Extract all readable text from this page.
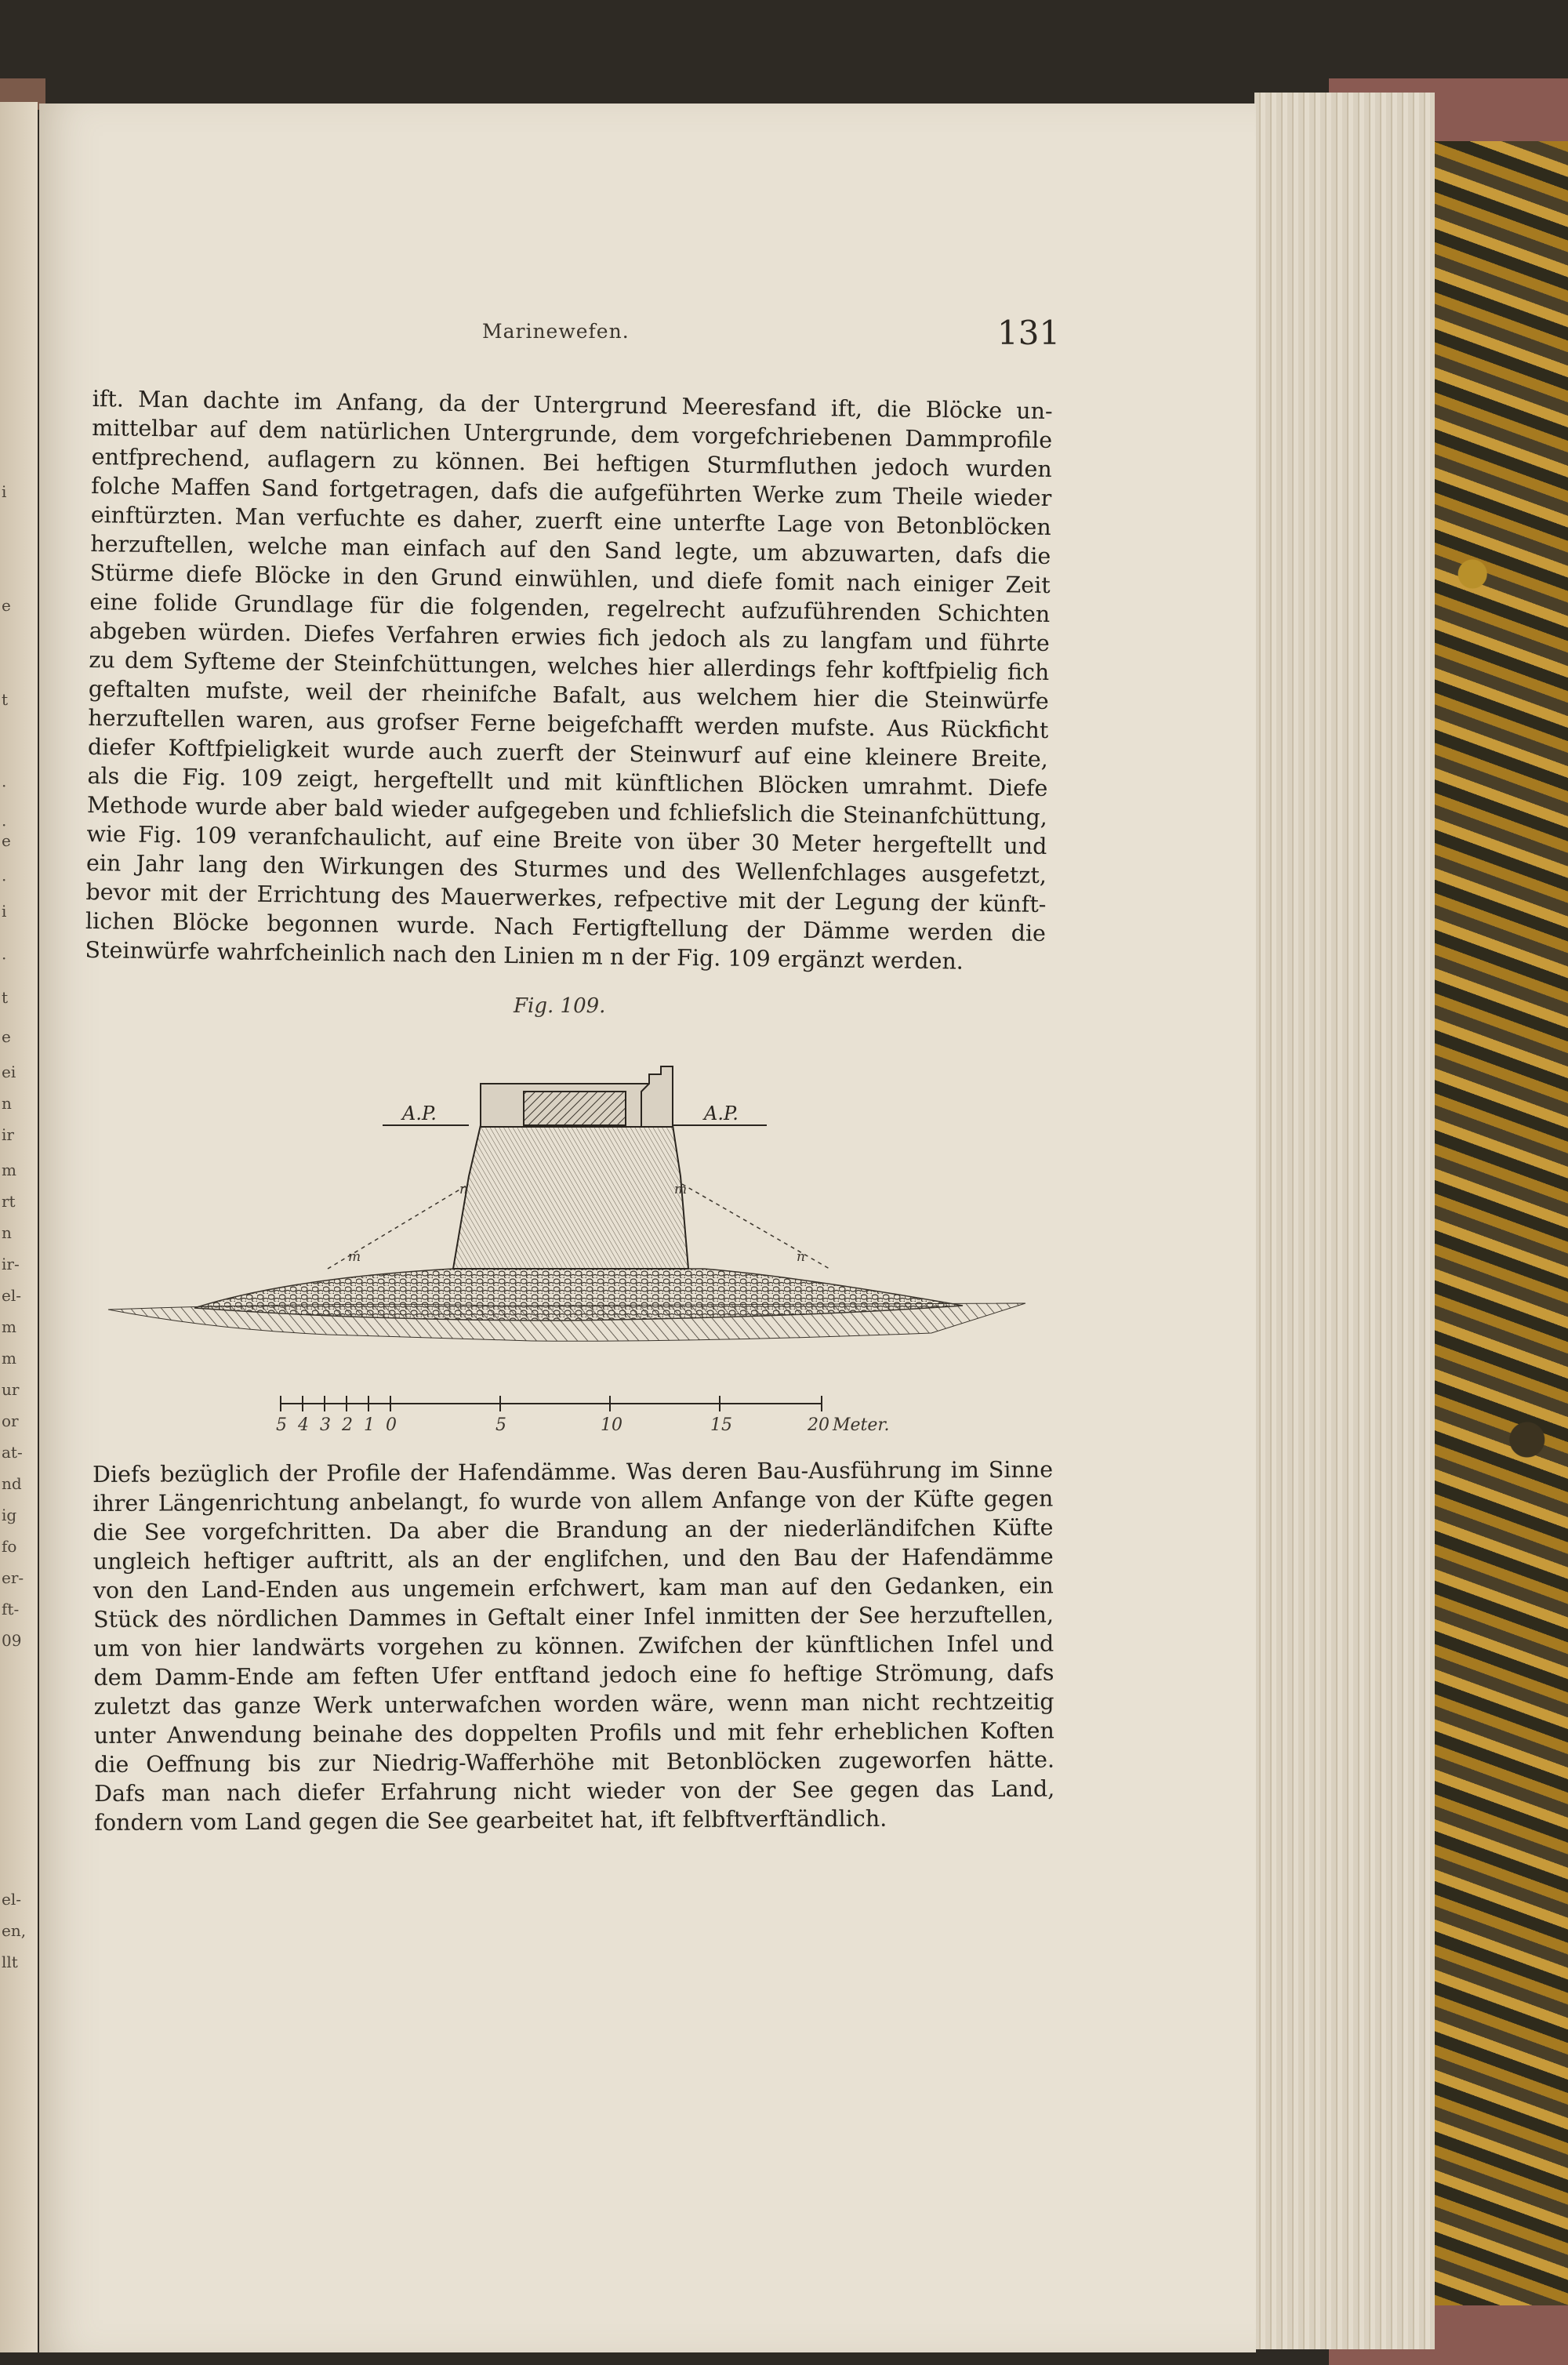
i
e
t
·
·
e
·
i
·
t
e
ei
n
ir
m
rt
n
ir-
el-
m
m
ur
or
at-
nd
ig
fo
er-
ft-
09
el-
en,
llt
Marinewefen.	131
ift. Man dachte im Anfang, da der Untergrund Meeresfand ift, die Blöcke un-
mittelbar auf dem natürlichen Untergrunde, dem vorgefchriebenen Dammprofile
entfprechend, auflagern zu können. Bei heftigen Sturmfluthen jedoch wurden
folche Maffen Sand fortgetragen, dafs die aufgeführten Werke zum Theile wieder
einftürzten. Man verfuchte es daher, zuerft eine unterfte Lage von Betonblöcken
herzuftellen, welche man einfach auf den Sand legte, um abzuwarten, dafs die
Stürme diefe Blöcke in den Grund einwühlen, und diefe fomit nach einiger Zeit
eine folide Grundlage für die folgenden, regelrecht aufzuführenden Schichten
abgeben würden. Diefes Verfahren erwies fich jedoch als zu langfam und führte
zu dem Syfteme der Steinfchüttungen, welches hier allerdings fehr koftfpielig fich
geftalten mufste, weil der rheinifche Bafalt, aus welchem hier die Steinwürfe
herzuftellen waren, aus grofser Ferne beigefchafft werden mufste. Aus Rückficht
diefer Koftfpieligkeit wurde auch zuerft der Steinwurf auf eine kleinere Breite,
als die Fig. 109 zeigt, hergeftellt und mit künftlichen Blöcken umrahmt. Diefe
Methode wurde aber bald wieder aufgegeben und fchliefslich die Steinanfchüttung,
wie Fig. 109 veranfchaulicht, auf eine Breite von über 30 Meter hergeftellt und
ein Jahr lang den Wirkungen des Sturmes und des Wellenfchlages ausgefetzt,
bevor mit der Errichtung des Mauerwerkes, refpective mit der Legung der künft-
lichen Blöcke begonnen wurde. Nach Fertigftellung der Dämme werden die
Steinwürfe wahrfcheinlich nach den Linien m n der Fig. 109 ergänzt werden.
Fig. 109.
A.P.	A.P.
m
n	m
n
5 4 3 2 1 0	5	10	15	20 Meter.
Diefs bezüglich der Profile der Hafendämme. Was deren Bau-Ausführung im Sinne
ihrer Längenrichtung anbelangt, fo wurde von allem Anfange von der Küfte gegen
die See vorgefchritten. Da aber die Brandung an der niederländifchen Küfte
ungleich heftiger auftritt, als an der englifchen, und den Bau der Hafendämme
von den Land-Enden aus ungemein erfchwert, kam man auf den Gedanken, ein
Stück des nördlichen Dammes in Geftalt einer Infel inmitten der See herzuftellen,
um von hier landwärts vorgehen zu können. Zwifchen der künftlichen Infel und
dem Damm-Ende am feften Ufer entftand jedoch eine fo heftige Strömung, dafs
zuletzt das ganze Werk unterwafchen worden wäre, wenn man nicht rechtzeitig
unter Anwendung beinahe des doppelten Profils und mit fehr erheblichen Koften
die Oeffnung bis zur Niedrig-Wafferhöhe mit Betonblöcken zugeworfen hätte.
Dafs man nach diefer Erfahrung nicht wieder von der See gegen das Land,
fondern vom Land gegen die See gearbeitet hat, ift felbftverftändlich.
